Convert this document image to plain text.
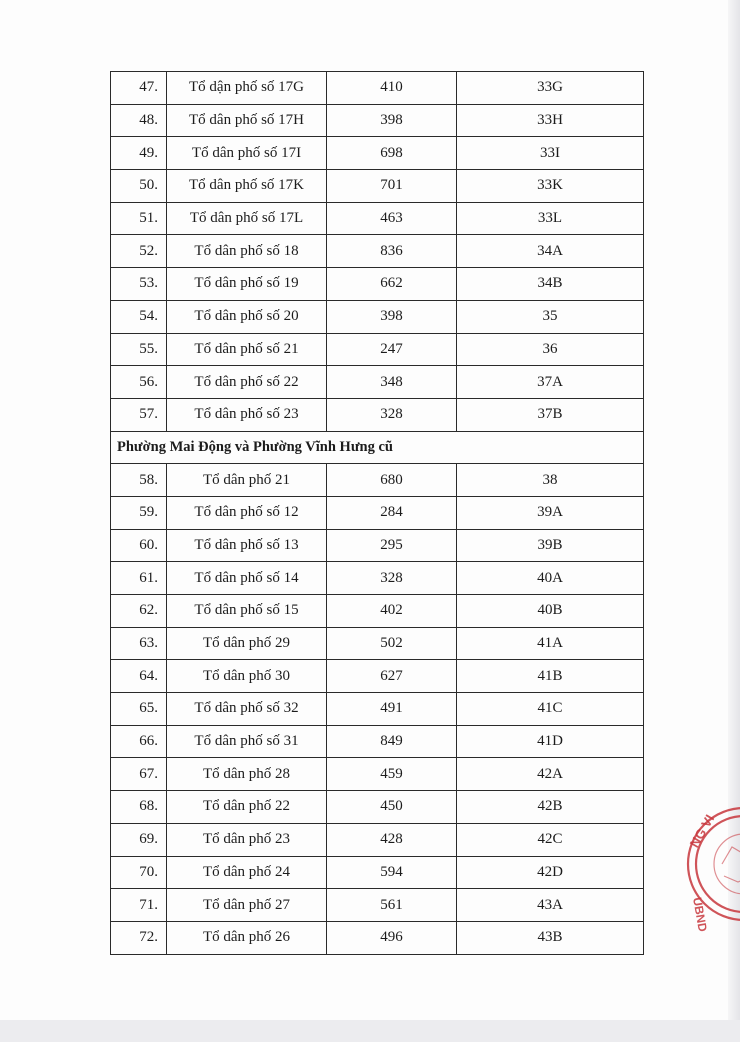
47.	Tổ dận phố số 17G	410	33G
48.	Tổ dân phố số 17H	398	33H
49.	Tổ dân phố số 17I	698	33I
50.	Tổ dân phố số 17K	701	33K
51.	Tổ dân phố số 17L	463	33L
52.	Tổ dân phố số 18	836	34A
53.	Tổ dân phố số 19	662	34B
54.	Tổ dân phố số 20	398	35
55.	Tổ dân phố số 21	247	36
56.	Tổ dân phố số 22	348	37A
57.	Tổ dân phố số 23	328	37B
Phường Mai Động và Phường Vĩnh Hưng cũ			
58.	Tổ dân phố 21	680	38
59.	Tổ dân phố số 12	284	39A
60.	Tổ dân phố số 13	295	39B
61.	Tổ dân phố số 14	328	40A
62.	Tổ dân phố số 15	402	40B
63.	Tổ dân phố 29	502	41A
64.	Tổ dân phố 30	627	41B
65.	Tổ dân phố số 32	491	41C
66.	Tổ dân phố số 31	849	41D
67.	Tổ dân phố 28	459	42A
68.	Tổ dân phố 22	450	42B
69.	Tổ dân phố 23	428	42C
70.	Tổ dân phố 24	594	42D
71.	Tổ dân phố 27	561	43A
72.	Tổ dân phố 26	496	43B
NG VI
UBND
